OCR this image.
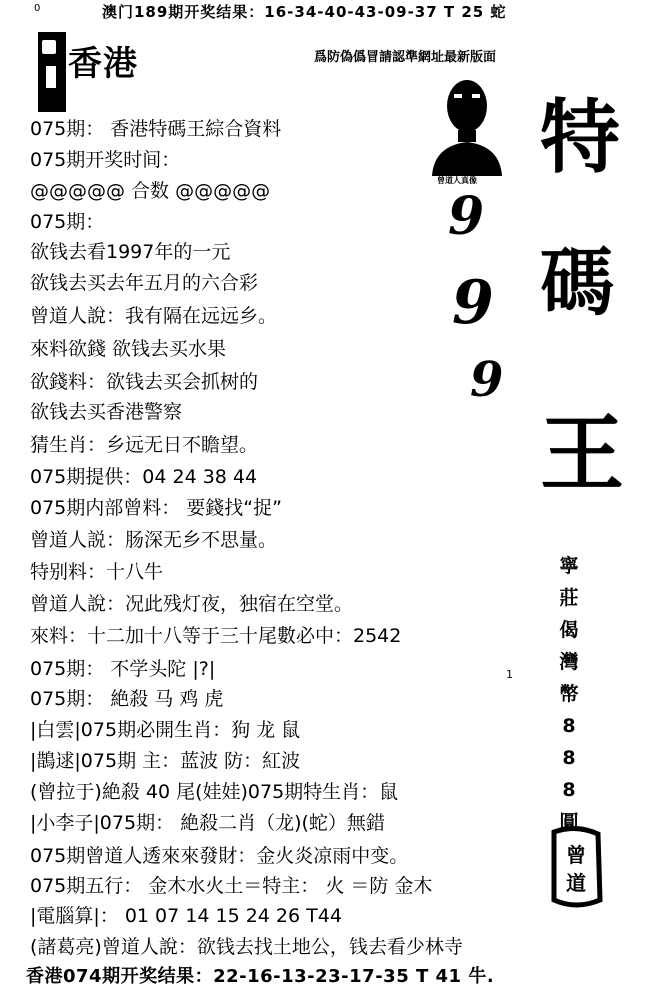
0	澳门189期开奖结果：16-34-40-43-09-37 T 25 蛇
香港	爲防偽僞冒請認準網址最新版面
075期： 香港特碼王綜合資料
075期开奖时间：
@@@@@ 合数 @@@@@
075期：
欲钱去看1997年的一元
欲钱去买去年五月的六合彩
曾道人說：我有隔在远远乡。
來料欲錢 欲钱去买水果
欲錢料：欲钱去买会抓树的
欲钱去买香港警察
猜生肖：乡远无日不瞻望。
075期提供：04 24 38 44
075期内部曾料： 要錢找“捉”
曾道人説：肠深无乡不思量。
特别料：十八牛
曾道人說：况此残灯夜，独宿在空堂。
來料：十二加十八等于三十尾數必中：2542
075期： 不学头陀 |?|
075期： 絶殺 马 鸡 虎
|白雲|075期必開生肖：狗 龙 鼠
|鵲逑|075期 主：蓝波 防：紅波
(曾拉于)絶殺 40 尾(娃娃)075期特生肖：鼠
|小李子|075期： 絶殺二肖（龙)(蛇）無錯
075期曾道人透來來發財：金火炎凉雨中变。
075期五行： 金木水火土＝特主： 火 ＝防 金木
|電腦算|： 01 07 14 15 24 26 T44
(諸葛亮)曾道人說：欲钱去找土地公，钱去看少林寺
曾道人真像
9
9
9
特
碼
王
寧
莊
偈
灣
幣
8
8
8
圓
曾
道
1
香港074期开奖结果：22-16-13-23-17-35 T 41 牛.
